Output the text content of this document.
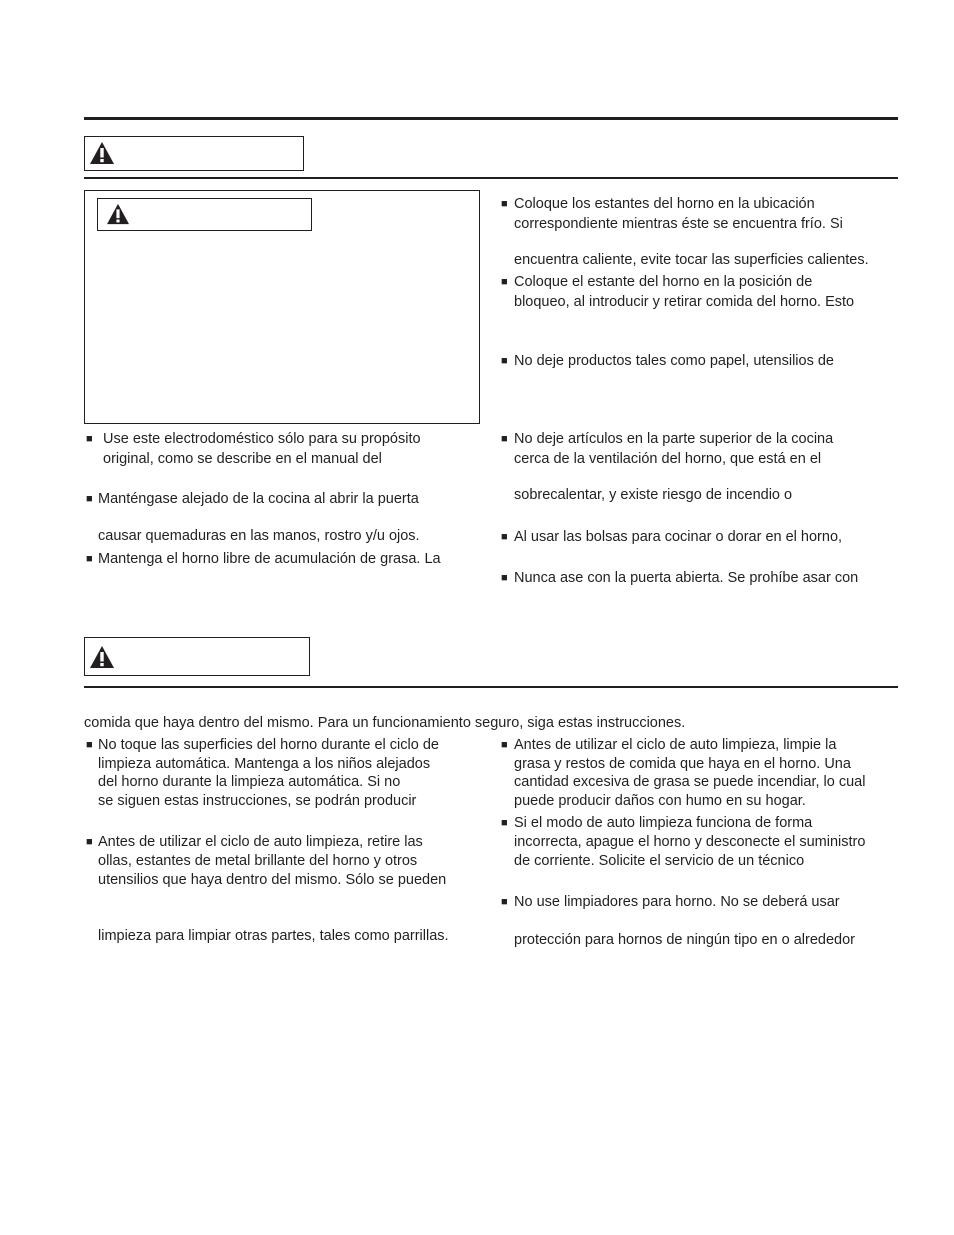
■ Use este electrodoméstico sólo para su propósito
original, como se describe en el manual del
■ Manténgase alejado de la cocina al abrir la puerta
causar quemaduras en las manos, rostro y/u ojos.
■ Mantenga el horno libre de acumulación de grasa. La
■ Coloque los estantes del horno en la ubicación
correspondiente mientras éste se encuentra frío. Si
encuentra caliente, evite tocar las superficies calientes.
■ Coloque el estante del horno en la posición de
bloqueo, al introducir y retirar comida del horno. Esto
■ No deje productos tales como papel, utensilios de
■ No deje artículos en la parte superior de la cocina
cerca de la ventilación del horno, que está en el
sobrecalentar, y existe riesgo de incendio o
■ Al usar las bolsas para cocinar o dorar en el horno,
■ Nunca ase con la puerta abierta. Se prohíbe asar con
comida que haya dentro del mismo. Para un funcionamiento seguro, siga estas instrucciones.
■ No toque las superficies del horno durante el ciclo de
limpieza automática. Mantenga a los niños alejados
del horno durante la limpieza automática. Si no
se siguen estas instrucciones, se podrán producir
■ Antes de utilizar el ciclo de auto limpieza, retire las
ollas, estantes de metal brillante del horno y otros
utensilios que haya dentro del mismo. Sólo se pueden
limpieza para limpiar otras partes, tales como parrillas.
■ Antes de utilizar el ciclo de auto limpieza, limpie la
grasa y restos de comida que haya en el horno. Una
cantidad excesiva de grasa se puede incendiar, lo cual
puede producir daños con humo en su hogar.
■ Si el modo de auto limpieza funciona de forma
incorrecta, apague el horno y desconecte el suministro
de corriente. Solicite el servicio de un técnico
■ No use limpiadores para horno. No se deberá usar
protección para hornos de ningún tipo en o alrededor
